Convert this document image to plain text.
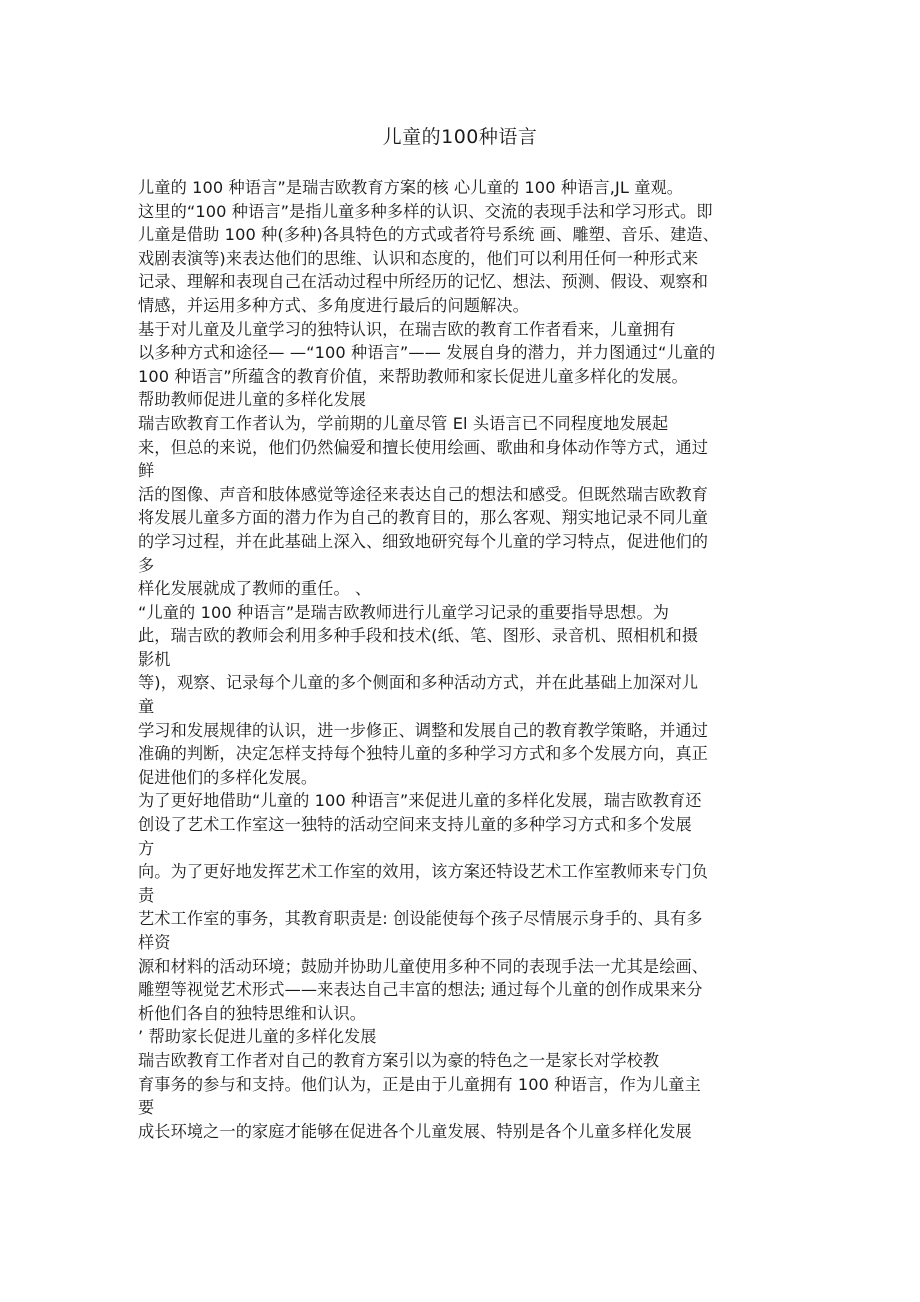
儿童的100种语言
儿童的 100 种语言”是瑞吉欧教育方案的核 心儿童的 100 种语言,JL 童观。
这里的“100 种语言”是指儿童多种多样的认识、交流的表现手法和学习形式。即
儿童是借助 100 种(多种)各具特色的方式或者符号系统 画、雕塑、音乐、建造、
戏剧表演等)来表达他们的思维、认识和态度的，他们可以利用任何一种形式来
记录、理解和表现自己在活动过程中所经历的记忆、想法、预测、假设、观察和
情感，并运用多种方式、多角度进行最后的问题解决。
基于对儿童及儿童学习的独特认识，在瑞吉欧的教育工作者看来，儿童拥有
以多种方式和途径— —“100 种语言”—— 发展自身的潜力，并力图通过“儿童的
100 种语言”所蕴含的教育价值，来帮助教师和家长促进儿童多样化的发展。
帮助教师促进儿童的多样化发展
瑞吉欧教育工作者认为，学前期的儿童尽管 El 头语言已不同程度地发展起
来，但总的来说，他们仍然偏爱和擅长使用绘画、歌曲和身体动作等方式，通过
鲜
活的图像、声音和肢体感觉等途径来表达自己的想法和感受。但既然瑞吉欧教育
将发展儿童多方面的潜力作为自己的教育目的，那么客观、翔实地记录不同儿童
的学习过程，并在此基础上深入、细致地研究每个儿童的学习特点，促进他们的
多
样化发展就成了教师的重任。 、
“儿童的 100 种语言”是瑞吉欧教师进行儿童学习记录的重要指导思想。为
此，瑞吉欧的教师会利用多种手段和技术(纸、笔、图形、录音机、照相机和摄
影机
等)，观察、记录每个儿童的多个侧面和多种活动方式，并在此基础上加深对儿
童
学习和发展规律的认识，进一步修正、调整和发展自己的教育教学策略，并通过
准确的判断，决定怎样支持每个独特儿童的多种学习方式和多个发展方向，真正
促进他们的多样化发展。
为了更好地借助“儿童的 100 种语言”来促进儿童的多样化发展，瑞吉欧教育还
创设了艺术工作室这一独特的活动空间来支持儿童的多种学习方式和多个发展
方
向。为了更好地发挥艺术工作室的效用，该方案还特设艺术工作室教师来专门负
责
艺术工作室的事务，其教育职责是: 创设能使每个孩子尽情展示身手的、具有多
样资
源和材料的活动环境；鼓励并协助儿童使用多种不同的表现手法一尤其是绘画、
雕塑等视觉艺术形式——来表达自己丰富的想法; 通过每个儿童的创作成果来分
析他们各自的独特思维和认识。
’ 帮助家长促进儿童的多样化发展
瑞吉欧教育工作者对自己的教育方案引以为豪的特色之一是家长对学校教
育事务的参与和支持。他们认为，正是由于儿童拥有 100 种语言，作为儿童主
要
成长环境之一的家庭才能够在促进各个儿童发展、特别是各个儿童多样化发展
